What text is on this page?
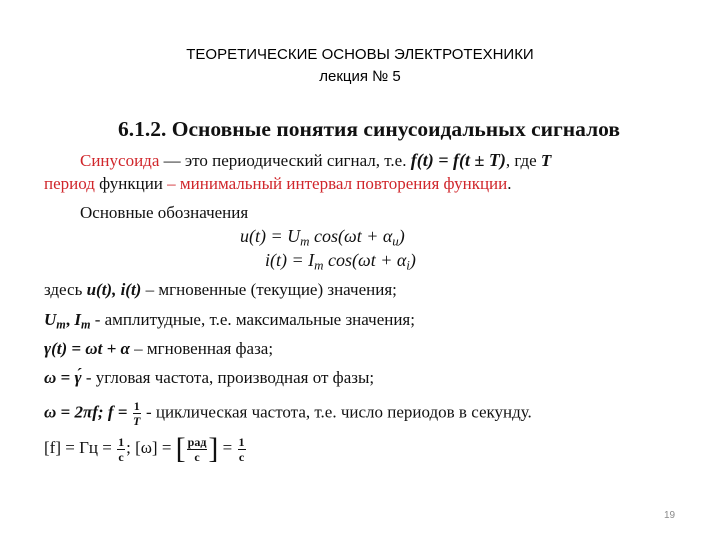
ТЕОРЕТИЧЕСКИЕ ОСНОВЫ ЭЛЕКТРОТЕХНИКИ
лекция № 5
6.1.2. Основные понятия синусоидальных сигналов
Синусоида — это периодический сигнал, т.е. f(t) = f(t ± T), где T
период функции – минимальный интервал повторения функции.
Основные обозначения
$u(t) = U_m$ $\cos(\omega t + \alpha_u)$
$i(t) = I_m$ $\cos(\omega t + \alpha_i)$
здесь u(t), i(t) – мгновенные (текущие) значения;
$U_m$, $I_m$ - амплитудные, т.е. максимальные значения;
γ(t) = ωt + α – мгновенная фаза;
ω = γ́ - угловая частота, производная от фазы;
ω = 2πf; $f = \frac{1}{T}$ - циклическая частота, т.е. число периодов в секунду.
[f] = Гц = $\frac{1}{с}$ ; [ω] = [ $\frac{\text{рад}}{с}$ ] = $\frac{1}{с}$
19
